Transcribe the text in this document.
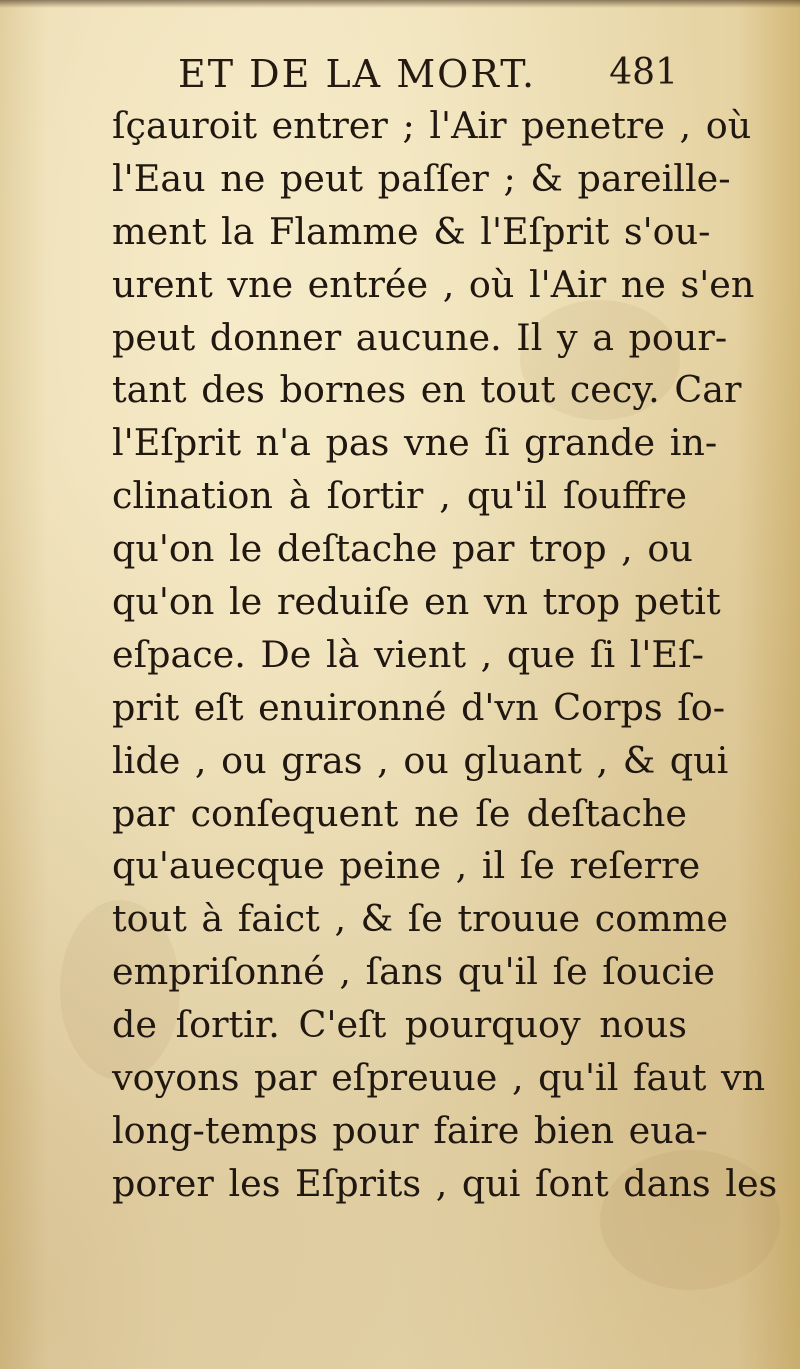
ET DE LA MORT. 481
ſçauroit entrer ; l'Air penetre , où
l'Eau ne peut paſſer ; & pareille-
ment la Flamme & l'Eſprit s'ou-
urent vne entrée , où l'Air ne s'en
peut donner aucune. Il y a pour-
tant des bornes en tout cecy. Car
l'Eſprit n'a pas vne ſi grande in-
clination à ſortir , qu'il ſouffre
qu'on le deſtache par trop , ou
qu'on le reduiſe en vn trop petit
eſpace. De là vient , que ſi l'Eſ-
prit eſt enuironné d'vn Corps ſo-
lide , ou gras , ou gluant , & qui
par conſequent ne ſe deſtache
qu'auecque peine , il ſe reſerre
tout à faict , & ſe trouue comme
empriſonné , ſans qu'il ſe ſoucie
de ſortir. C'eſt pourquoy nous
voyons par eſpreuue , qu'il faut vn
long-temps pour faire bien eua-
porer les Eſprits , qui ſont dans les
